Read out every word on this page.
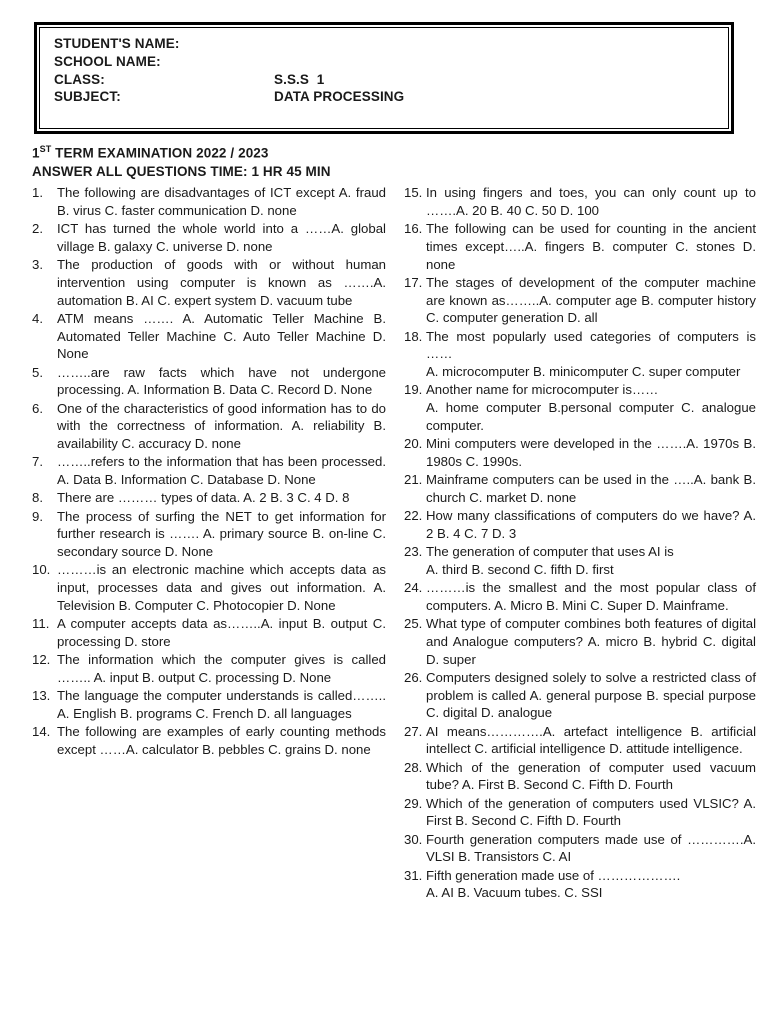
STUDENT'S NAME:
SCHOOL NAME:
CLASS:	S.S.S  1
SUBJECT:	DATA PROCESSING
1ST TERM EXAMINATION 2022 / 2023
ANSWER ALL QUESTIONS TIME: 1 HR 45 MIN
1.	The following are disadvantages of ICT except A. fraud B. virus C. faster communication D. none
2.	ICT has turned the whole world into a ……A. global village B. galaxy C. universe D. none
3.	The production of goods with or without human intervention using computer is known as …….A. automation B. AI C. expert system D. vacuum tube
4.	ATM means ……. A. Automatic Teller Machine B. Automated Teller Machine C. Auto Teller Machine D. None
5.	……..are raw facts which have not undergone processing. A. Information B. Data C. Record D. None
6.	One of the characteristics of good information has to do with the correctness of information. A. reliability B. availability C. accuracy D. none
7.	……..refers to the information that has been processed. A. Data B. Information C. Database D. None
8.	There are ……… types of data. A. 2 B. 3 C. 4 D. 8
9.	The process of surfing the NET to get information for further research is ……. A. primary source B. on-line C. secondary source D. None
10. ………is an electronic machine which accepts data as input, processes data and gives out information. A. Television B. Computer C. Photocopier D. None
11. A computer accepts data as……..A. input B. output C. processing D. store
12. The information which the computer gives is called …….. A. input B. output C. processing D. None
13. The language the computer understands is called…….. A. English B. programs C. French D. all languages
14. The following are examples of early counting methods except ……A. calculator B. pebbles C. grains D. none
15. In using fingers and toes, you can only count up to …….A. 20 B. 40 C. 50 D. 100
16. The following can be used for counting in the ancient times except…..A. fingers B. computer C. stones D. none
17. The stages of development of the computer machine are known as……..A. computer age B. computer history C. computer generation D. all
18. The most popularly used categories of computers is ……
A. microcomputer B. minicomputer C. super computer
19. Another name for microcomputer is……
A. home computer B.personal computer C. analogue computer.
20. Mini computers were developed in the …….A. 1970s B. 1980s C. 1990s.
21. Mainframe computers can be used in the …..A. bank B. church C. market D. none
22. How many classifications of computers do we have? A. 2 B. 4 C. 7 D. 3
23. The generation of computer that uses AI is
A. third B. second C. fifth D. first
24. ………is the smallest and the most popular class of computers. A. Micro B. Mini C. Super D. Mainframe.
25. What type of computer combines both features of digital and Analogue computers? A. micro B. hybrid C. digital D. super
26. Computers designed solely to solve a restricted class of problem is called A. general purpose B. special purpose C. digital D. analogue
27. AI means………….A. artefact intelligence B. artificial intellect C. artificial intelligence D. attitude intelligence.
28. Which of the generation of computer used vacuum tube? A. First B. Second C. Fifth D. Fourth
29. Which of the generation of computers used VLSIC? A. First B. Second C. Fifth D. Fourth
30. Fourth generation computers made use of ………….A. VLSI B. Transistors C. AI
31. Fifth generation made use of ……………….
A. AI B. Vacuum tubes. C. SSI
